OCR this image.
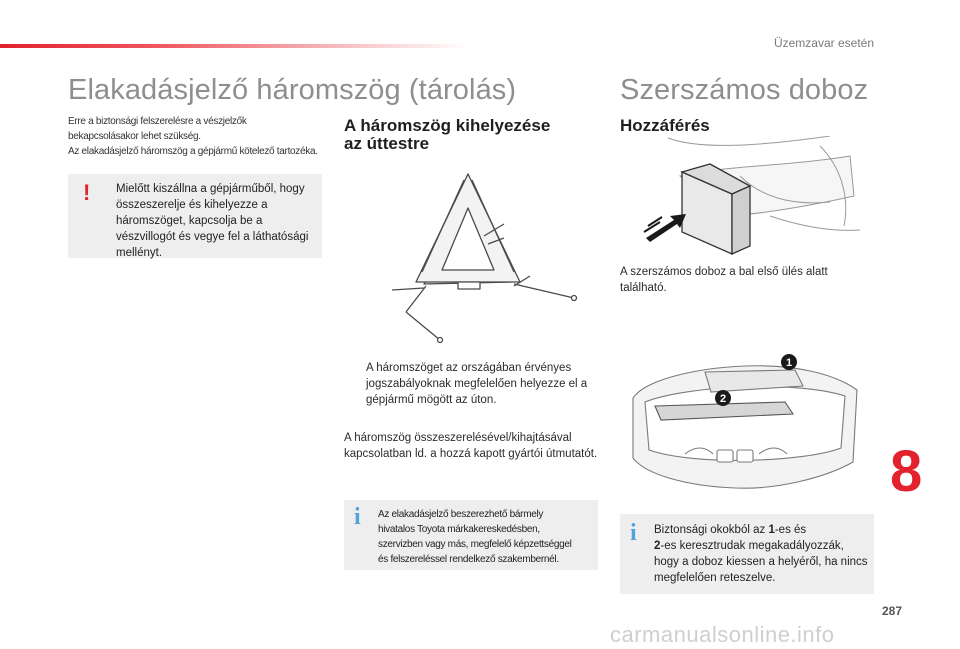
Üzemzavar esetén
Elakadásjelző háromszög (tárolás)
Erre a biztonsági felszerelésre a vészjelzők
bekapcsolásakor lehet szükség.
Az elakadásjelző háromszög a gépjármű kötelező tartozéka.
! Mielőtt kiszállna a gépjárműből, hogy összeszerelje és kihelyezze a háromszöget, kapcsolja be a vészvillogót és vegye fel a láthatósági mellényt.
A háromszög kihelyezése
az úttestre
A háromszöget az országában érvényes jogszabályoknak megfelelően helyezze el a gépjármű mögött az úton.
A háromszög összeszerelésével/kihajtásával kapcsolatban ld. a hozzá kapott gyártói útmutatót.
i Az elakadásjelző beszerezhető bármely
hivatalos Toyota márkakereskedésben,
szervizben vagy más, megfelelő képzettséggel
és felszereléssel rendelkező szakembernél.
Szerszámos doboz
Hozzáférés
A szerszámos doboz a bal első ülés alatt található.
1
2
i Biztonsági okokból az 1-es és
2-es keresztrudak megakadályozzák, hogy a doboz kiessen a helyéről, ha nincs megfelelően reteszelve.
8
287
carmanualsonline.info
